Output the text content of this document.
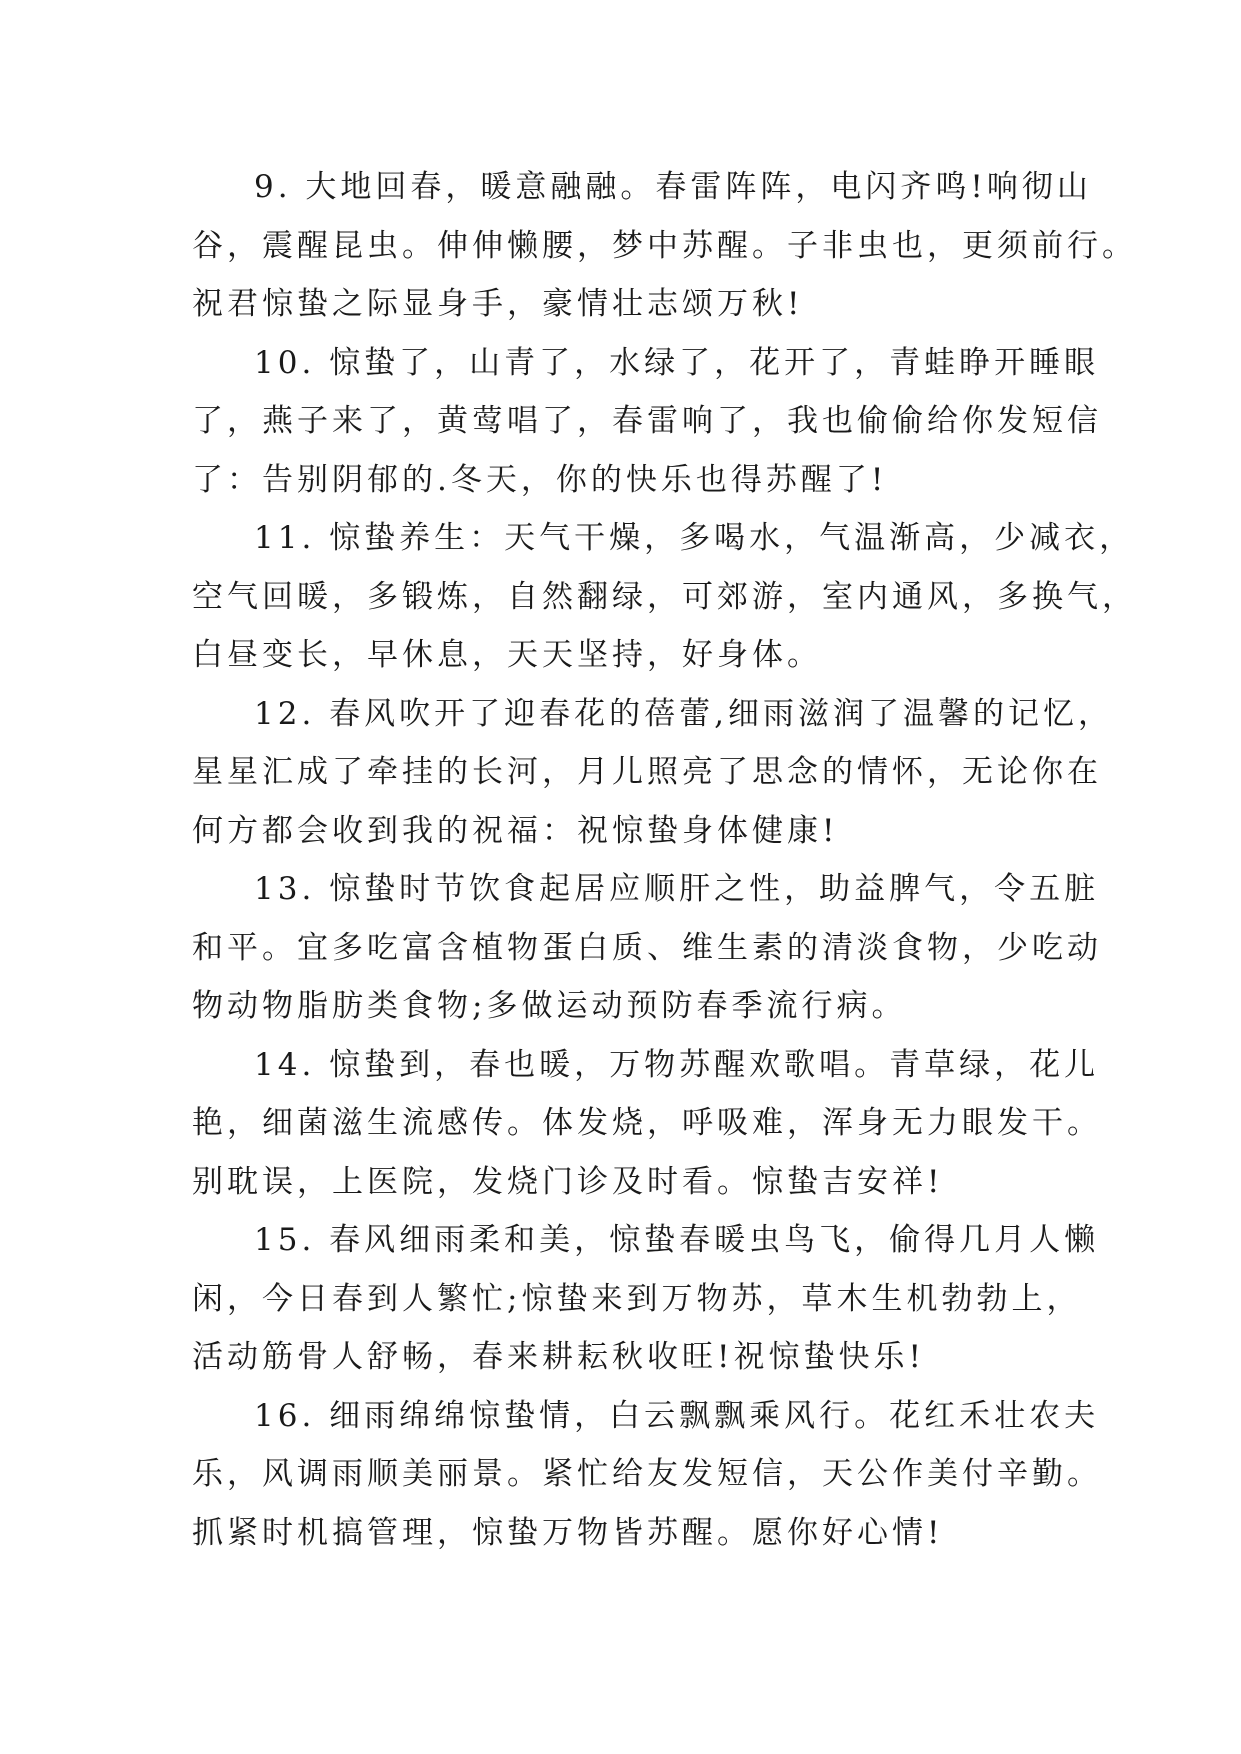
9. 大地回春，暖意融融。春雷阵阵，电闪齐鸣!响彻山
谷，震醒昆虫。伸伸懒腰，梦中苏醒。子非虫也，更须前行。
祝君惊蛰之际显身手，豪情壮志颂万秋!

10. 惊蛰了，山青了，水绿了，花开了，青蛙睁开睡眼
了，燕子来了，黄莺唱了，春雷响了，我也偷偷给你发短信
了：告别阴郁的.冬天，你的快乐也得苏醒了!

11. 惊蛰养生：天气干燥，多喝水，气温渐高，少减衣，
空气回暖，多锻炼，自然翻绿，可郊游，室内通风，多换气，
白昼变长，早休息，天天坚持，好身体。

12. 春风吹开了迎春花的蓓蕾,细雨滋润了温馨的记忆，
星星汇成了牵挂的长河，月儿照亮了思念的情怀，无论你在
何方都会收到我的祝福：祝惊蛰身体健康!

13. 惊蛰时节饮食起居应顺肝之性，助益脾气，令五脏
和平。宜多吃富含植物蛋白质、维生素的清淡食物，少吃动
物动物脂肪类食物;多做运动预防春季流行病。

14. 惊蛰到，春也暖，万物苏醒欢歌唱。青草绿，花儿
艳，细菌滋生流感传。体发烧，呼吸难，浑身无力眼发干。
别耽误，上医院，发烧门诊及时看。惊蛰吉安祥!

15. 春风细雨柔和美，惊蛰春暖虫鸟飞，偷得几月人懒
闲，今日春到人繁忙;惊蛰来到万物苏，草木生机勃勃上，
活动筋骨人舒畅，春来耕耘秋收旺!祝惊蛰快乐!

16. 细雨绵绵惊蛰情，白云飘飘乘风行。花红禾壮农夫
乐，风调雨顺美丽景。紧忙给友发短信，天公作美付辛勤。
抓紧时机搞管理，惊蛰万物皆苏醒。愿你好心情!
